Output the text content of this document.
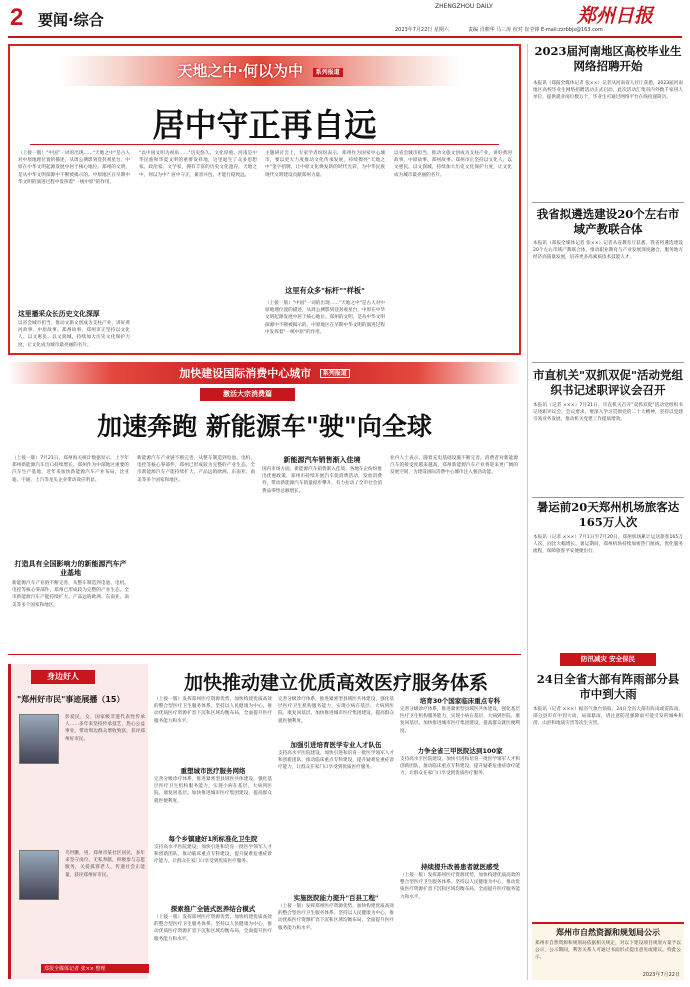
2 要闻·综合
ZHENGZHOU DAILY	郑州日报
2023年7月22日 星期六	责编 肖朝华 马三涛 校对 崔莹锋 E-mail:zzrbbjs@163.com
天地之中·何以为中 系列报道
居中守正再自远
（上接一版）"中国"一词的出现……"天地之中"是古人对中原地理位置的描述，从周公测影到登封观星台，中原在中华文明起源发展中居于核心地位。郑州的文明，是从中华文明探源中不断被揭示的。中原地区在早期中华文明的演进过程中发挥着"一统中原"的作用。
这里播采众长历史文化深厚
以省会城市担当，推动文旅文创成为支柱产业，讲好黄河故事、中原故事、郑州故事。郑州市正坚持以文化人、以文惠民、以文润城，持续加大历史文化保护力度，让文化成为城市最亮丽的名片。
"以中国文明为视角……"历史悠久，文化厚重。河南是中华民族和华夏文明的重要发祥地，这里诞生了众多思想家、政治家、文学家，拥有丰富的历史文化遗存。天地之中，何以为中？居中守正，兼容并包，才能行稳致远。
主题研讨会上，专家学者纷纷表示，郑州作为国家中心城市，要以更大力度推动文化传承发展，持续擦亮"天地之中"金字招牌，让中原文化焕发新的时代光彩，为中华民族现代文明建设贡献郑州力量。
这里有众多"标杆""样板"
（上接一版）"中国"一词的出现……"天地之中"是古人对中原地理位置的描述，从周公测影到登封观星台，中原在中华文明起源发展中居于核心地位。郑州的文明，是从中华文明探源中不断被揭示的。中原地区在早期中华文明的演进过程中发挥着"一统中原"的作用。
以省会城市担当，推动文旅文创成为支柱产业，讲好黄河故事、中原故事、郑州故事。郑州市正坚持以文化人、以文惠民、以文润城，持续加大历史文化保护力度，让文化成为城市最亮丽的名片。
加快建设国际消费中心城市 系列报道
激活大宗消费篇
加速奔跑 新能源车"驶"向全球
（上接一版）7月21日，郑州海关统计数据显示，上半年郑州新能源汽车出口持续增长。郑州作为中部地区重要的汽车生产基地，近年来加快新能源汽车产业布局，比亚迪、宇通、上汽等龙头企业带动效应明显。
打造具有全国影响力的新能源汽车产业基地
新能源汽车产业链不断完善，从整车制造到电池、电机、电控等核心零部件，郑州已形成较为完整的产业生态。全市新能源汽车产能持续扩大，产品远销欧洲、东南亚、南美等多个国家和地区。
新能源汽车产业链不断完善，从整车制造到电池、电机、电控等核心零部件，郑州已形成较为完整的产业生态。全市新能源汽车产能持续扩大，产品远销欧洲、东南亚、南美等多个国家和地区。
新能源汽车销售渐入佳境
国内市场方面，新能源汽车销售渐入佳境。各地车企纷纷推出优惠政策，郑州市持续开展汽车促消费活动，发放消费券，带动新能源汽车销量稳步攀升，有力拉动了全市社会消费品零售总额增长。
业内人士表示，随着充电基础设施不断完善，消费者对新能源汽车的接受度越来越高，郑州新能源汽车产业将迎来更广阔的发展空间，为建设国际消费中心城市注入强劲动能。
身边好人
"郑州好市民"事迹展播（15）
彭爱民，女，国家级非遗代表性传承人……多年来坚持传承技艺，热心公益事业，带动周边群众增收致富，获评郑州好市民。
乌世鹏，男，郑州市某社区居民，多年来坚守岗位、无私奉献，积极参与志愿服务，关爱孤寡老人，传递社会正能量，获评郑州好市民。
郑报全媒体记者 张×× 整理
加快推动建立优质高效医疗服务体系
（上接一版）发挥郑州医疗资源优势，加快构建优质高效的整合型医疗卫生服务体系。坚持以人民健康为中心，推动优质医疗资源扩容下沉和区域均衡布局，全面提升医疗服务能力和水平。
重塑城市医疗服务网络
完善分级诊疗体系，推进紧密型县域医共体建设，强化基层医疗卫生机构服务能力，实现小病在基层、大病到医院、康复回基层。加快推进城市医疗集团建设，提高群众就医便利度。
每个乡镇建好1所标准化卫生院
支持高水平医院建设，加快引进和培育一批医学领军人才和创新团队，推动临床重点专科建设，提升疑难危重症诊疗能力，让群众在家门口享受到优质医疗服务。
探索推广全链式医养结合模式
（上接一版）发挥郑州医疗资源优势，加快构建优质高效的整合型医疗卫生服务体系。坚持以人民健康为中心，推动优质医疗资源扩容下沉和区域均衡布局，全面提升医疗服务能力和水平。
完善分级诊疗体系，推进紧密型县域医共体建设，强化基层医疗卫生机构服务能力，实现小病在基层、大病到医院、康复回基层。加快推进城市医疗集团建设，提高群众就医便利度。
加强引进培育医学专业人才队伍
支持高水平医院建设，加快引进和培育一批医学领军人才和创新团队，推动临床重点专科建设，提升疑难危重症诊疗能力，让群众在家门口享受到优质医疗服务。
实施医院能力提升"百县工程"
（上接一版）发挥郑州医疗资源优势，加快构建优质高效的整合型医疗卫生服务体系。坚持以人民健康为中心，推动优质医疗资源扩容下沉和区域均衡布局，全面提升医疗服务能力和水平。
培育30个国家临床重点专科
完善分级诊疗体系，推进紧密型县域医共体建设，强化基层医疗卫生机构服务能力，实现小病在基层、大病到医院、康复回基层。加快推进城市医疗集团建设，提高群众就医便利度。
力争全省三甲医院达到100家
支持高水平医院建设，加快引进和培育一批医学领军人才和创新团队，推动临床重点专科建设，提升疑难危重症诊疗能力，让群众在家门口享受到优质医疗服务。
持续提升改善患者就医感受
（上接一版）发挥郑州医疗资源优势，加快构建优质高效的整合型医疗卫生服务体系。坚持以人民健康为中心，推动优质医疗资源扩容下沉和区域均衡布局，全面提升医疗服务能力和水平。
2023届河南地区高校毕业生网络招聘开始
本报讯（郑报全媒体记者 张××）记者从河南省人社厅获悉，2023届河南地区高校毕业生网络招聘活动正式启动，此次活动汇集省内外数千家用人单位，提供就业岗位数万个，毕业生可通过网络平台在线投递简历。
我省拟遴选建设20个左右市域产教联合体
本报讯（郑报全媒体记者 张××）记者从省教育厅获悉，我省将遴选建设20个左右市域产教联合体，推动职业教育与产业发展深度融合，服务地方经济高质量发展，培养更多高素质技术技能人才。
市直机关"双抓双促"活动党组织书记述职评议会召开
本报讯（记者 ×××）7月21日，市直机关召开"双抓双促"活动党组织书记述职评议会。会议要求，要深入学习贯彻党的二十大精神，坚持以党建引领业务发展，推动机关党建工作提质增效。
暑运前20天郑州机场旅客达165万人次
本报讯（记者 ×××）7月1日至7月20日，郑州机场累计运送旅客165万人次，同比大幅增长。暑运期间，郑州机场持续加密热门航线，优化服务流程，保障旅客平安便捷出行。
防汛减灾 安全保民
24日全省大部有阵雨部分县市中到大雨
本报讯（记者 ×××）据省气象台预报，24日全省大部有阵雨或雷阵雨，部分县市有中到大雨，局部暴雨，请注意防范强降雨可能引发的城乡积涝、山洪和地质灾害等次生灾害。
郑州市自然资源和规划局公示
郑州市自然资源和规划局依据相关规定，对以下建设项目规划方案予以公示，公示期间，利害关系人可通过书面形式提出意见或建议。特此公示。
2023年7月22日
